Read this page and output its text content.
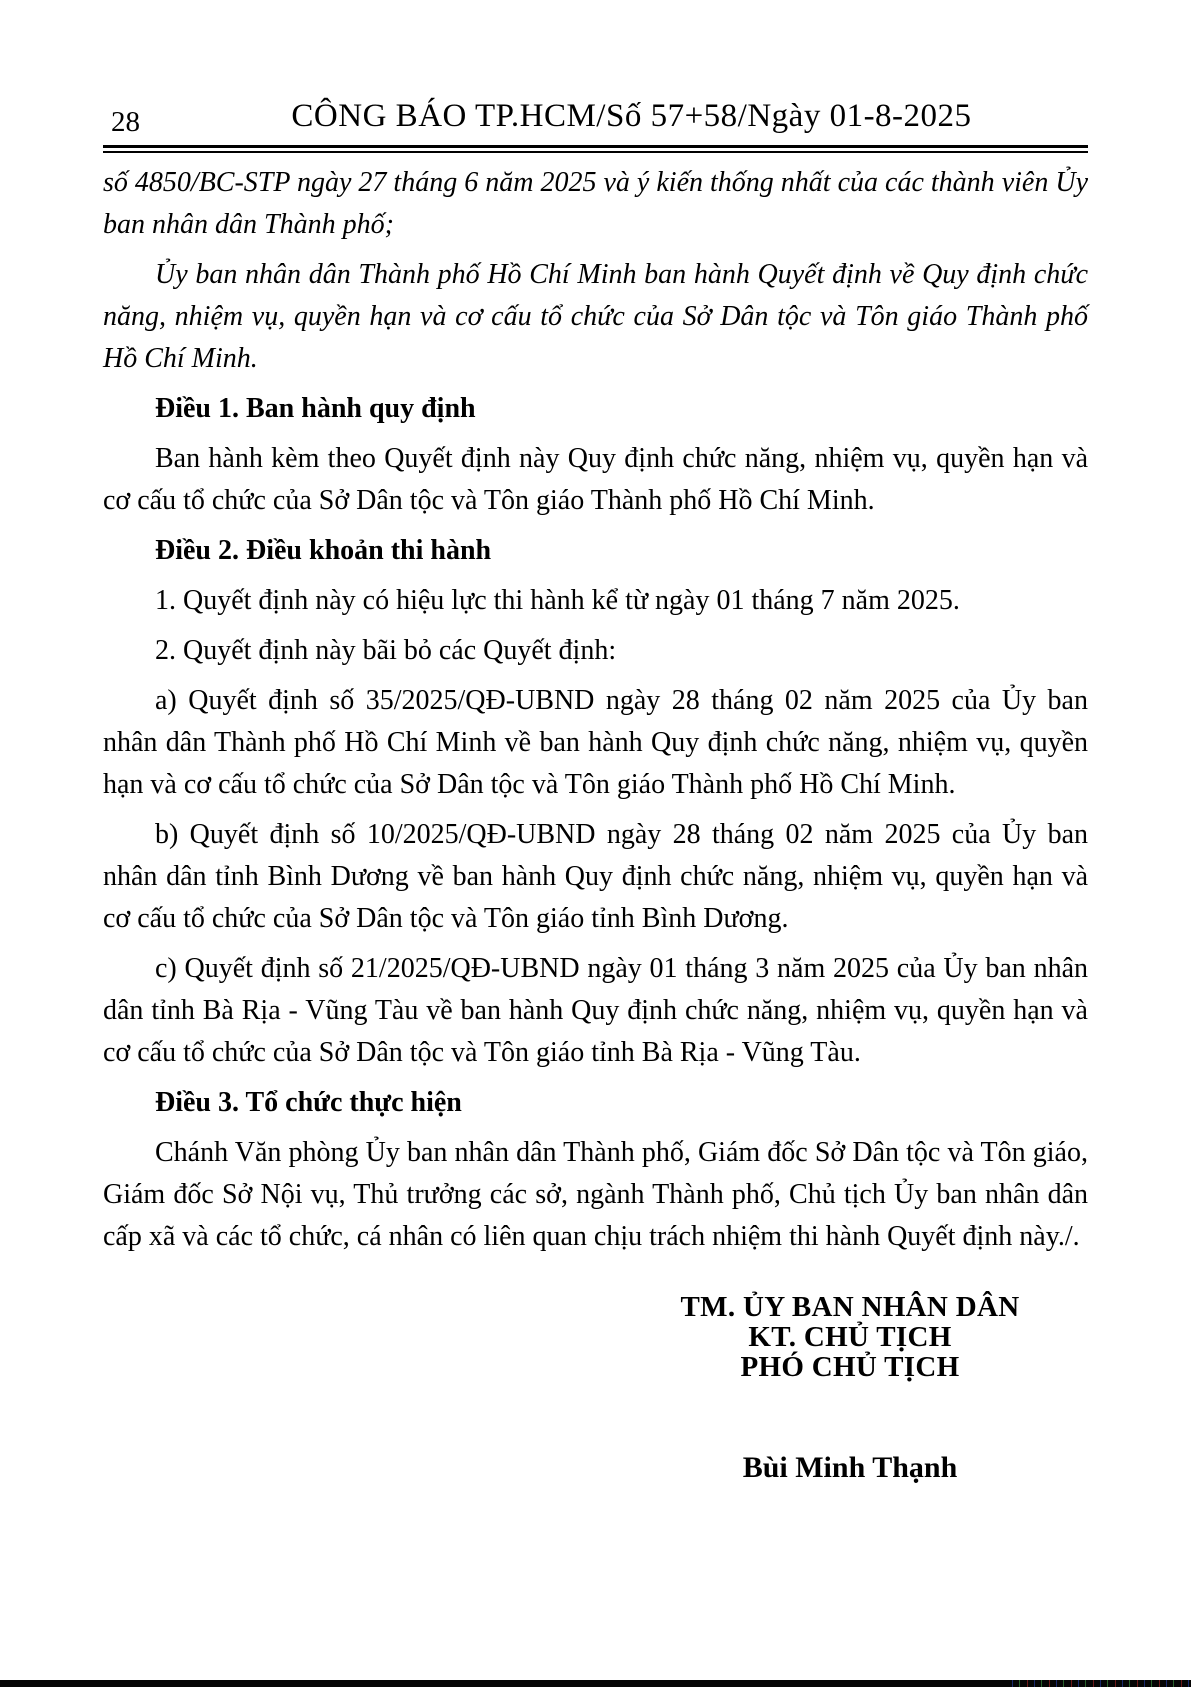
28	CÔNG BÁO TP.HCM/Số 57+58/Ngày 01-8-2025

số 4850/BC-STP ngày 27 tháng 6 năm 2025 và ý kiến thống nhất của các thành viên Ủy ban nhân dân Thành phố;

Ủy ban nhân dân Thành phố Hồ Chí Minh ban hành Quyết định về Quy định chức năng, nhiệm vụ, quyền hạn và cơ cấu tổ chức của Sở Dân tộc và Tôn giáo Thành phố Hồ Chí Minh.

Điều 1. Ban hành quy định

Ban hành kèm theo Quyết định này Quy định chức năng, nhiệm vụ, quyền hạn và cơ cấu tổ chức của Sở Dân tộc và Tôn giáo Thành phố Hồ Chí Minh.

Điều 2. Điều khoản thi hành

1. Quyết định này có hiệu lực thi hành kể từ ngày 01 tháng 7 năm 2025.

2. Quyết định này bãi bỏ các Quyết định:

a) Quyết định số 35/2025/QĐ-UBND ngày 28 tháng 02 năm 2025 của Ủy ban nhân dân Thành phố Hồ Chí Minh về ban hành Quy định chức năng, nhiệm vụ, quyền hạn và cơ cấu tổ chức của Sở Dân tộc và Tôn giáo Thành phố Hồ Chí Minh.

b) Quyết định số 10/2025/QĐ-UBND ngày 28 tháng 02 năm 2025 của Ủy ban nhân dân tỉnh Bình Dương về ban hành Quy định chức năng, nhiệm vụ, quyền hạn và cơ cấu tổ chức của Sở Dân tộc và Tôn giáo tỉnh Bình Dương.

c) Quyết định số 21/2025/QĐ-UBND ngày 01 tháng 3 năm 2025 của Ủy ban nhân dân tỉnh Bà Rịa - Vũng Tàu về ban hành Quy định chức năng, nhiệm vụ, quyền hạn và cơ cấu tổ chức của Sở Dân tộc và Tôn giáo tỉnh Bà Rịa - Vũng Tàu.

Điều 3. Tổ chức thực hiện

Chánh Văn phòng Ủy ban nhân dân Thành phố, Giám đốc Sở Dân tộc và Tôn giáo, Giám đốc Sở Nội vụ, Thủ trưởng các sở, ngành Thành phố, Chủ tịch Ủy ban nhân dân cấp xã và các tổ chức, cá nhân có liên quan chịu trách nhiệm thi hành Quyết định này./.

TM. ỦY BAN NHÂN DÂN
KT. CHỦ TỊCH
PHÓ CHỦ TỊCH
Bùi Minh Thạnh
